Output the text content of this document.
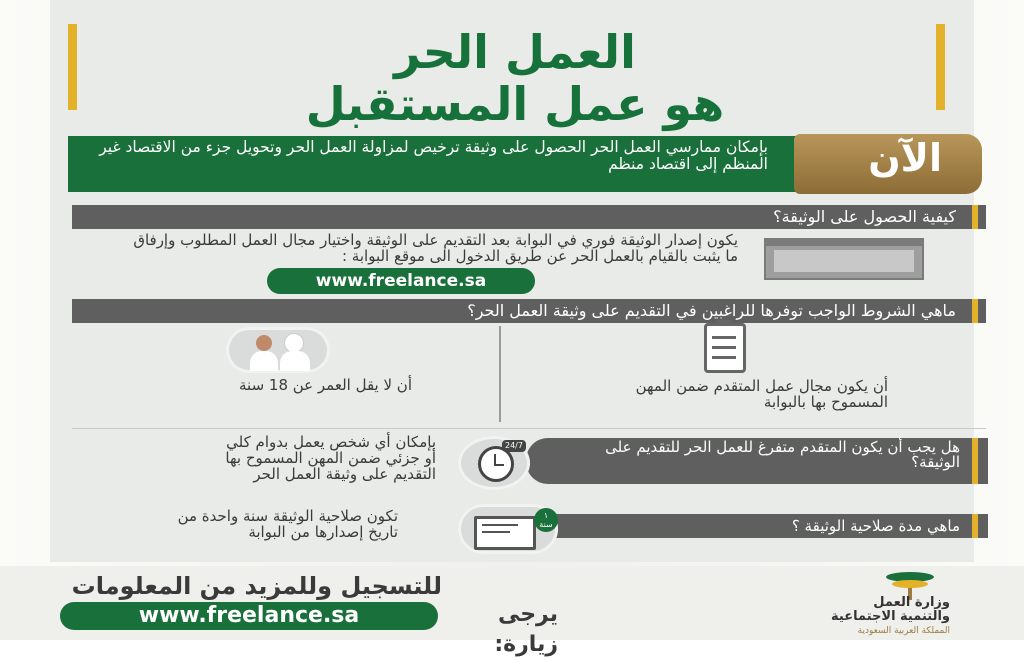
العمل الحر
هو عمل المستقبل
بإمكان ممارسي العمل الحر الحصول على وثيقة ترخيص لمزاولة العمل الحر وتحويل جزء من الاقتصاد غير المنظم إلى اقتصاد منظم	الآن
كيفية الحصول على الوثيقة؟
يكون إصدار الوثيقة فوري في البوابة بعد التقديم على الوثيقة واختيار مجال العمل المطلوب وإرفاق ما يثبت بالقيام بالعمل الحر عن طريق الدخول الى موقع البوابة :
www.freelance.sa
ماهي الشروط الواجب توفرها للراغبين في التقديم على وثيقة العمل الحر؟
أن لا يقل العمر عن 18 سنة	أن يكون مجال عمل المتقدم ضمن المهن المسموح بها بالبوابة
بإمكان أي شخص يعمل بدوام كلي أو جزئي ضمن المهن المسموح بها التقديم على وثيقة العمل الحر
هل يجب أن يكون المتقدم متفرغ للعمل الحر للتقديم على الوثيقة؟
24/7
تكون صلاحية الوثيقة سنة واحدة من تاريخ إصدارها من البوابة	ماهي مدة صلاحية الوثيقة ؟
١
سنة
للتسجيل وللمزيد من المعلومات
www.freelance.sa	يرجى زيارة:
وزارة العمل
والتنمية الاجتماعية
المملكة العربية السعودية
